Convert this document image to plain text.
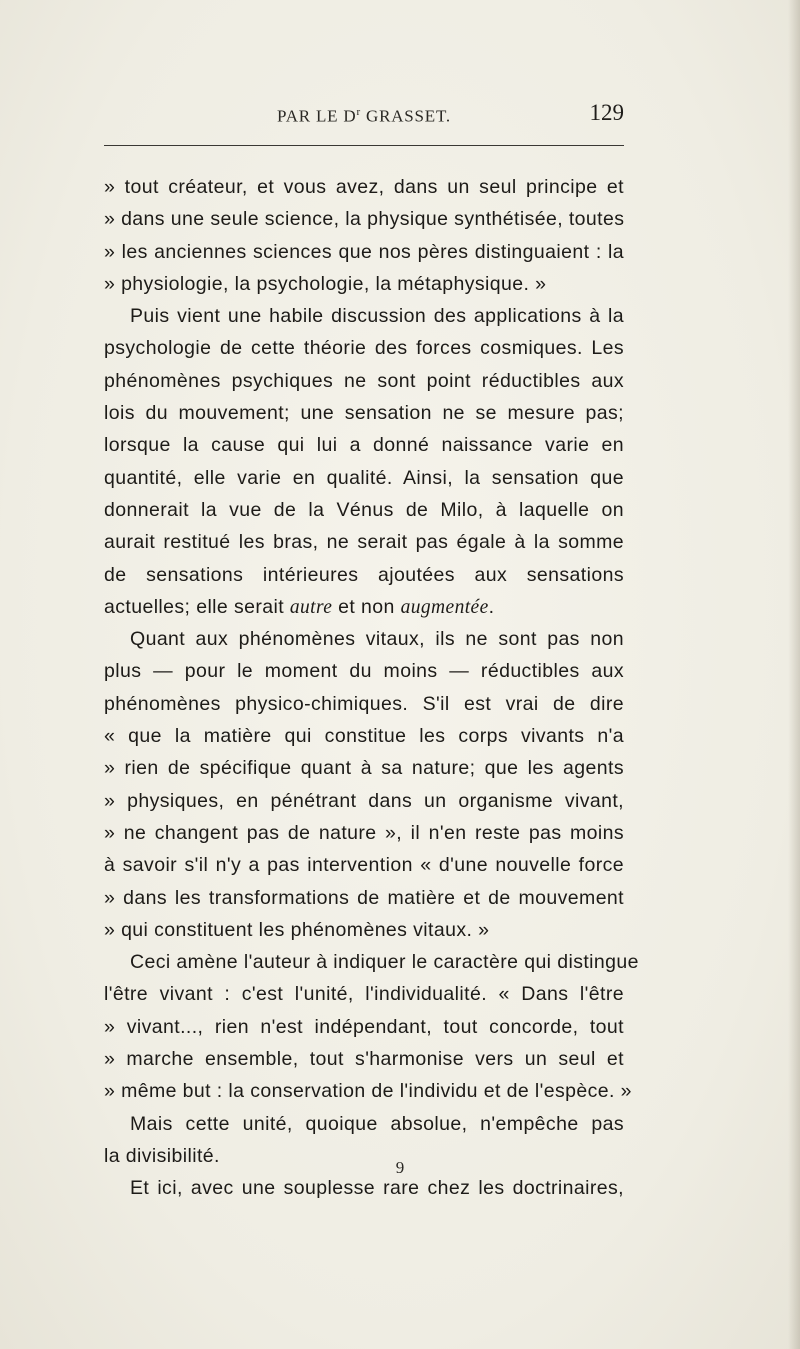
PAR LE $D^r$ GRASSET.	129
» tout créateur, et vous avez, dans un seul principe et
» dans une seule science, la physique synthétisée, toutes
» les anciennes sciences que nos pères distinguaient : la
» physiologie, la psychologie, la métaphysique. »
Puis vient une habile discussion des applications à la
psychologie de cette théorie des forces cosmiques. Les
phénomènes psychiques ne sont point réductibles aux
lois du mouvement; une sensation ne se mesure pas;
lorsque la cause qui lui a donné naissance varie en
quantité, elle varie en qualité. Ainsi, la sensation que
donnerait la vue de la Vénus de Milo, à laquelle on
aurait restitué les bras, ne serait pas égale à la somme
de sensations intérieures ajoutées aux sensations
actuelles; elle serait autre et non augmentée.
Quant aux phénomènes vitaux, ils ne sont pas non
plus — pour le moment du moins — réductibles aux
phénomènes physico-chimiques. S'il est vrai de dire
« que la matière qui constitue les corps vivants n'a
» rien de spécifique quant à sa nature; que les agents
» physiques, en pénétrant dans un organisme vivant,
» ne changent pas de nature », il n'en reste pas moins
à savoir s'il n'y a pas intervention « d'une nouvelle force
» dans les transformations de matière et de mouvement
» qui constituent les phénomènes vitaux. »
Ceci amène l'auteur à indiquer le caractère qui distingue
l'être vivant : c'est l'unité, l'individualité. « Dans l'être
» vivant..., rien n'est indépendant, tout concorde, tout
» marche ensemble, tout s'harmonise vers un seul et
» même but : la conservation de l'individu et de l'espèce. »
Mais cette unité, quoique absolue, n'empêche pas
la divisibilité.
Et ici, avec une souplesse rare chez les doctrinaires,
9
